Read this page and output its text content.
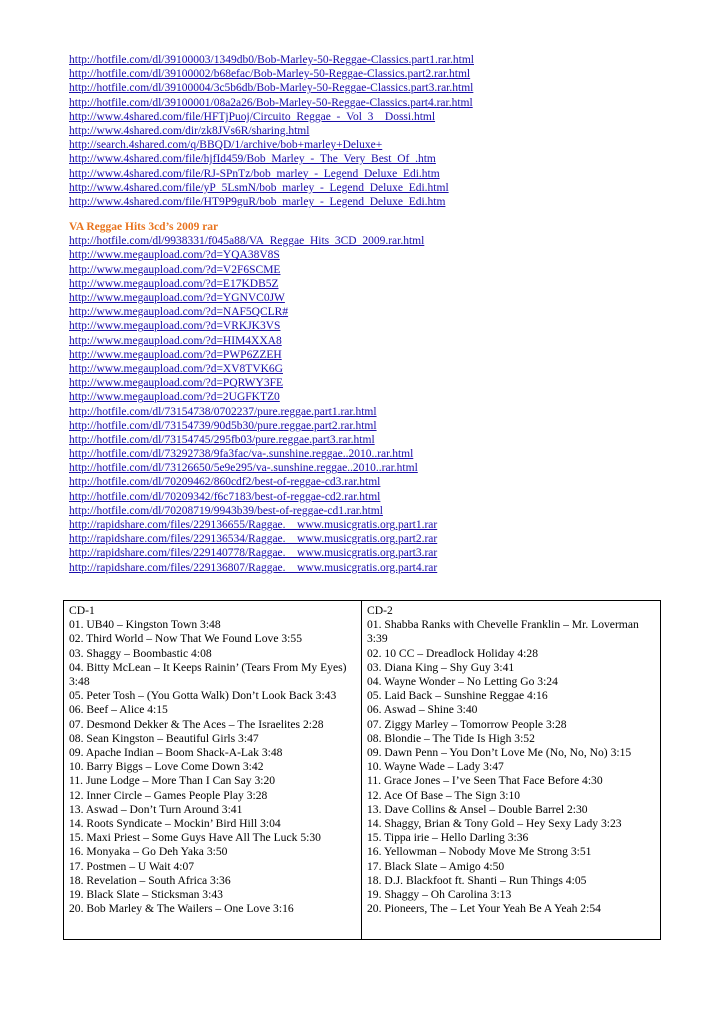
http://hotfile.com/dl/39100003/1349db0/Bob-Marley-50-Reggae-Classics.part1.rar.html
http://hotfile.com/dl/39100002/b68efac/Bob-Marley-50-Reggae-Classics.part2.rar.html
http://hotfile.com/dl/39100004/3c5b6db/Bob-Marley-50-Reggae-Classics.part3.rar.html
http://hotfile.com/dl/39100001/08a2a26/Bob-Marley-50-Reggae-Classics.part4.rar.html
http://www.4shared.com/file/HFTjPuoj/Circuito_Reggae_-_Vol_3__Dossi.html
http://www.4shared.com/dir/zk8JVs6R/sharing.html
http://search.4shared.com/q/BBQD/1/archive/bob+marley+Deluxe+
http://www.4shared.com/file/hjfId459/Bob_Marley_-_The_Very_Best_Of_.htm
http://www.4shared.com/file/RJ-SPnTz/bob_marley_-_Legend_Deluxe_Edi.htm
http://www.4shared.com/file/yP_5LsmN/bob_marley_-_Legend_Deluxe_Edi.html
http://www.4shared.com/file/HT9P9guR/bob_marley_-_Legend_Deluxe_Edi.htm
VA Reggae Hits 3cd’s 2009 rar
http://hotfile.com/dl/9938331/f045a88/VA_Reggae_Hits_3CD_2009.rar.html
http://www.megaupload.com/?d=YQA38V8S
http://www.megaupload.com/?d=V2F6SCME
http://www.megaupload.com/?d=E17KDB5Z
http://www.megaupload.com/?d=YGNVC0JW
http://www.megaupload.com/?d=NAF5QCLR#
http://www.megaupload.com/?d=VRKJK3VS
http://www.megaupload.com/?d=HIM4XXA8
http://www.megaupload.com/?d=PWP6ZZEH
http://www.megaupload.com/?d=XV8TVK6G
http://www.megaupload.com/?d=PQRWY3FE
http://www.megaupload.com/?d=2UGFKTZ0
http://hotfile.com/dl/73154738/0702237/pure.reggae.part1.rar.html
http://hotfile.com/dl/73154739/90d5b30/pure.reggae.part2.rar.html
http://hotfile.com/dl/73154745/295fb03/pure.reggae.part3.rar.html
http://hotfile.com/dl/73292738/9fa3fac/va-.sunshine.reggae..2010..rar.html
http://hotfile.com/dl/73126650/5e9e295/va-.sunshine.reggae..2010..rar.html
http://hotfile.com/dl/70209462/860cdf2/best-of-reggae-cd3.rar.html
http://hotfile.com/dl/70209342/f6c7183/best-of-reggae-cd2.rar.html
http://hotfile.com/dl/70208719/9943b39/best-of-reggae-cd1.rar.html
http://rapidshare.com/files/229136655/Raggae.__www.musicgratis.org.part1.rar
http://rapidshare.com/files/229136534/Raggae.__www.musicgratis.org.part2.rar
http://rapidshare.com/files/229140778/Raggae.__www.musicgratis.org.part3.rar
http://rapidshare.com/files/229136807/Raggae.__www.musicgratis.org.part4.rar
CD-1
01. UB40 – Kingston Town 3:48
02. Third World – Now That We Found Love 3:55
03. Shaggy – Boombastic 4:08
04. Bitty McLean – It Keeps Rainin’ (Tears From My Eyes) 3:48
05. Peter Tosh – (You Gotta Walk) Don’t Look Back 3:43
06. Beef – Alice 4:15
07. Desmond Dekker & The Aces – The Israelites 2:28
08. Sean Kingston – Beautiful Girls 3:47
09. Apache Indian – Boom Shack-A-Lak 3:48
10. Barry Biggs – Love Come Down 3:42
11. June Lodge – More Than I Can Say 3:20
12. Inner Circle – Games People Play 3:28
13. Aswad – Don’t Turn Around 3:41
14. Roots Syndicate – Mockin’ Bird Hill 3:04
15. Maxi Priest – Some Guys Have All The Luck 5:30
16. Monyaka – Go Deh Yaka 3:50
17. Postmen – U Wait 4:07
18. Revelation – South Africa 3:36
19. Black Slate – Sticksman 3:43
20. Bob Marley & The Wailers – One Love 3:16
CD-2
01. Shabba Ranks with Chevelle Franklin – Mr. Loverman 3:39
02. 10 CC – Dreadlock Holiday 4:28
03. Diana King – Shy Guy 3:41
04. Wayne Wonder – No Letting Go 3:24
05. Laid Back – Sunshine Reggae 4:16
06. Aswad – Shine 3:40
07. Ziggy Marley – Tomorrow People 3:28
08. Blondie – The Tide Is High 3:52
09. Dawn Penn – You Don’t Love Me (No, No, No) 3:15
10. Wayne Wade – Lady 3:47
11. Grace Jones – I’ve Seen That Face Before 4:30
12. Ace Of Base – The Sign 3:10
13. Dave Collins & Ansel – Double Barrel 2:30
14. Shaggy, Brian & Tony Gold – Hey Sexy Lady 3:23
15. Tippa irie – Hello Darling 3:36
16. Yellowman – Nobody Move Me Strong 3:51
17. Black Slate – Amigo 4:50
18. D.J. Blackfoot ft. Shanti – Run Things 4:05
19. Shaggy – Oh Carolina 3:13
20. Pioneers, The – Let Your Yeah Be A Yeah 2:54
